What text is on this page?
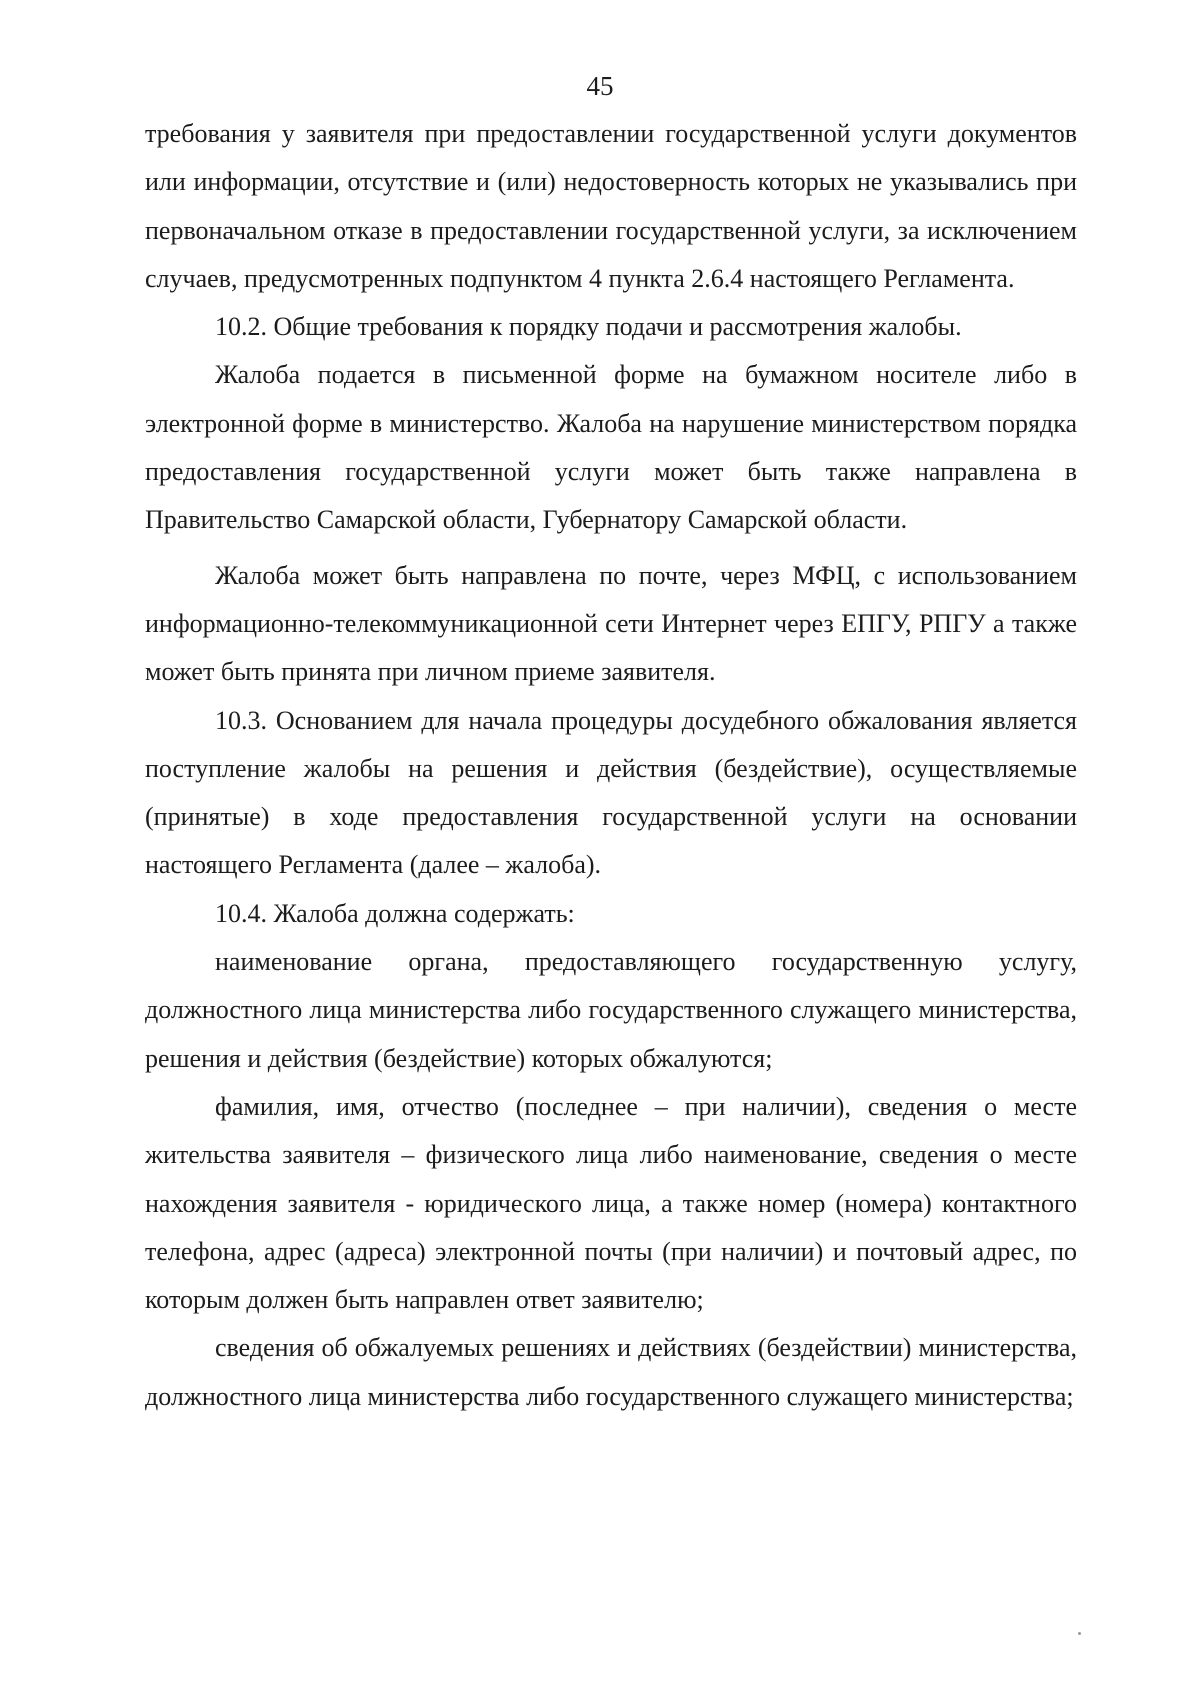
45

требования у заявителя при предоставлении государственной услуги документов или информации, отсутствие и (или) недостоверность которых не указывались при первоначальном отказе в предоставлении государственной услуги, за исключением случаев, предусмотренных подпунктом 4 пункта 2.6.4 настоящего Регламента.

10.2. Общие требования к порядку подачи и рассмотрения жалобы.

Жалоба подается в письменной форме на бумажном носителе либо в электронной форме в министерство. Жалоба на нарушение министерством порядка предоставления государственной услуги может быть также направлена в Правительство Самарской области, Губернатору Самарской области.

Жалоба может быть направлена по почте, через МФЦ, с использованием информационно-телекоммуникационной сети Интернет через ЕПГУ, РПГУ а также может быть принята при личном приеме заявителя.

10.3. Основанием для начала процедуры досудебного обжалования является поступление жалобы на решения и действия (бездействие), осуществляемые (принятые) в ходе предоставления государственной услуги на основании настоящего Регламента (далее – жалоба).

10.4. Жалоба должна содержать:

наименование органа, предоставляющего государственную услугу, должностного лица министерства либо государственного служащего министерства, решения и действия (бездействие) которых обжалуются;

фамилия, имя, отчество (последнее – при наличии), сведения о месте жительства заявителя – физического лица либо наименование, сведения о месте нахождения заявителя - юридического лица, а также номер (номера) контактного телефона, адрес (адреса) электронной почты (при наличии) и почтовый адрес, по которым должен быть направлен ответ заявителю;

сведения об обжалуемых решениях и действиях (бездействии) министерства, должностного лица министерства либо государственного служащего министерства;
